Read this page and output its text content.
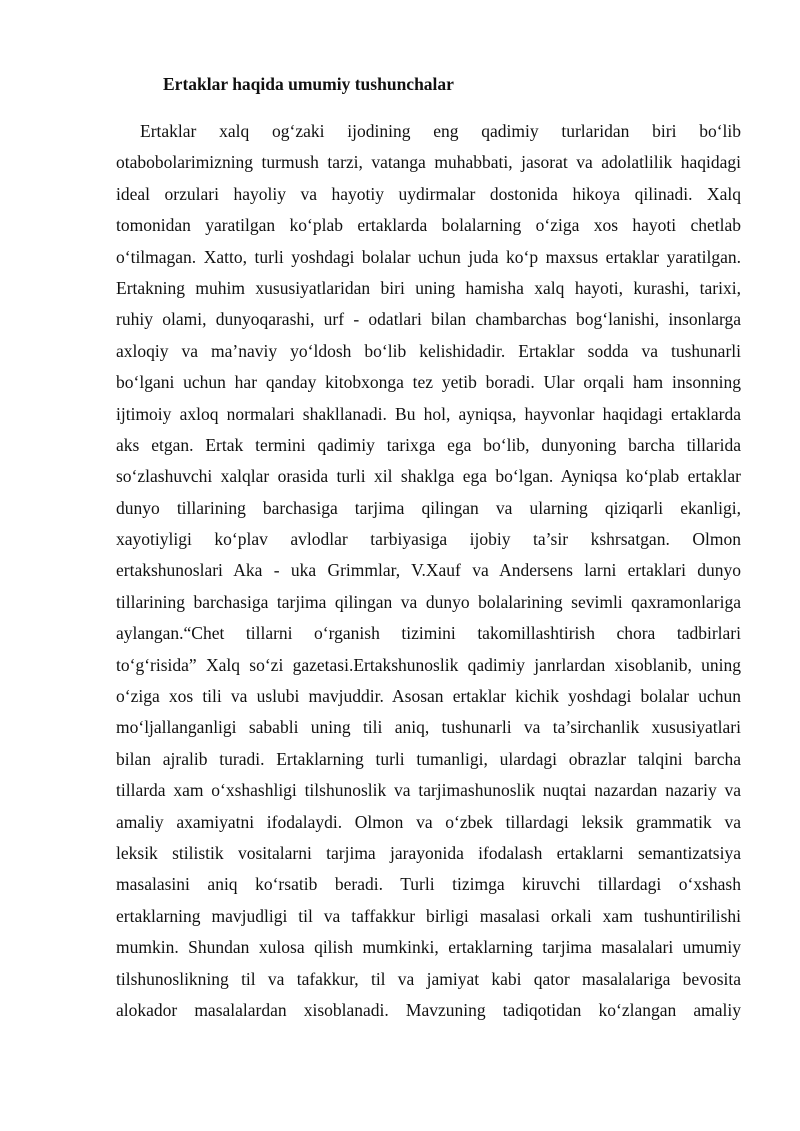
Ertaklar haqida umumiy tushunchalar
Ertaklar xalq og‘zaki ijodining eng qadimiy turlaridan biri bo‘lib
otabobolarimizning turmush tarzi, vatanga muhabbati, jasorat va adolatlilik haqidagi
ideal orzulari hayoliy va hayotiy uydirmalar dostonida hikoya qilinadi. Xalq
tomonidan yaratilgan ko‘plab ertaklarda bolalarning o‘ziga xos hayoti chetlab
o‘tilmagan. Xatto, turli yoshdagi bolalar uchun juda ko‘p maxsus ertaklar yaratilgan.
Ertakning muhim xususiyatlaridan biri uning hamisha xalq hayoti, kurashi, tarixi,
ruhiy olami, dunyoqarashi, urf - odatlari bilan chambarchas bog‘lanishi, insonlarga
axloqiy va ma’naviy yo‘ldosh bo‘lib kelishidadir. Ertaklar sodda va tushunarli
bo‘lgani uchun har qanday kitobxonga tez yetib boradi. Ular orqali ham insonning
ijtimoiy axloq normalari shakllanadi. Bu hol, ayniqsa, hayvonlar haqidagi ertaklarda
aks etgan. Ertak termini qadimiy tarixga ega bo‘lib, dunyoning barcha tillarida
so‘zlashuvchi xalqlar orasida turli xil shaklga ega bo‘lgan. Ayniqsa ko‘plab ertaklar
dunyo tillarining barchasiga tarjima qilingan va ularning qiziqarli ekanligi,
xayotiyligi ko‘plav avlodlar tarbiyasiga ijobiy ta’sir kshrsatgan. Olmon
ertakshunoslari Aka - uka Grimmlar, V.Xauf va Andersens larni ertaklari dunyo
tillarining barchasiga tarjima qilingan va dunyo bolalarining sevimli qaxramonlariga
aylangan.“Chet tillarni o‘rganish tizimini takomillashtirish chora tadbirlari
to‘g‘risida” Xalq so‘zi gazetasi.Ertakshunoslik qadimiy janrlardan xisoblanib, uning
o‘ziga xos tili va uslubi mavjuddir. Asosan ertaklar kichik yoshdagi bolalar uchun
mo‘ljallanganligi sababli uning tili aniq, tushunarli va ta’sirchanlik xususiyatlari
bilan ajralib turadi. Ertaklarning turli tumanligi, ulardagi obrazlar talqini barcha
tillarda xam o‘xshashligi tilshunoslik va tarjimashunoslik nuqtai nazardan nazariy va
amaliy axamiyatni ifodalaydi. Olmon va o‘zbek tillardagi leksik grammatik va
leksik stilistik vositalarni tarjima jarayonida ifodalash ertaklarni semantizatsiya
masalasini aniq ko‘rsatib beradi. Turli tizimga kiruvchi tillardagi o‘xshash
ertaklarning mavjudligi til va taffakkur birligi masalasi orkali xam tushuntirilishi
mumkin. Shundan xulosa qilish mumkinki, ertaklarning tarjima masalalari umumiy
tilshunoslikning til va tafakkur, til va jamiyat kabi qator masalalariga bevosita
alokador masalalardan xisoblanadi. Mavzuning tadiqotidan ko‘zlangan amaliy
